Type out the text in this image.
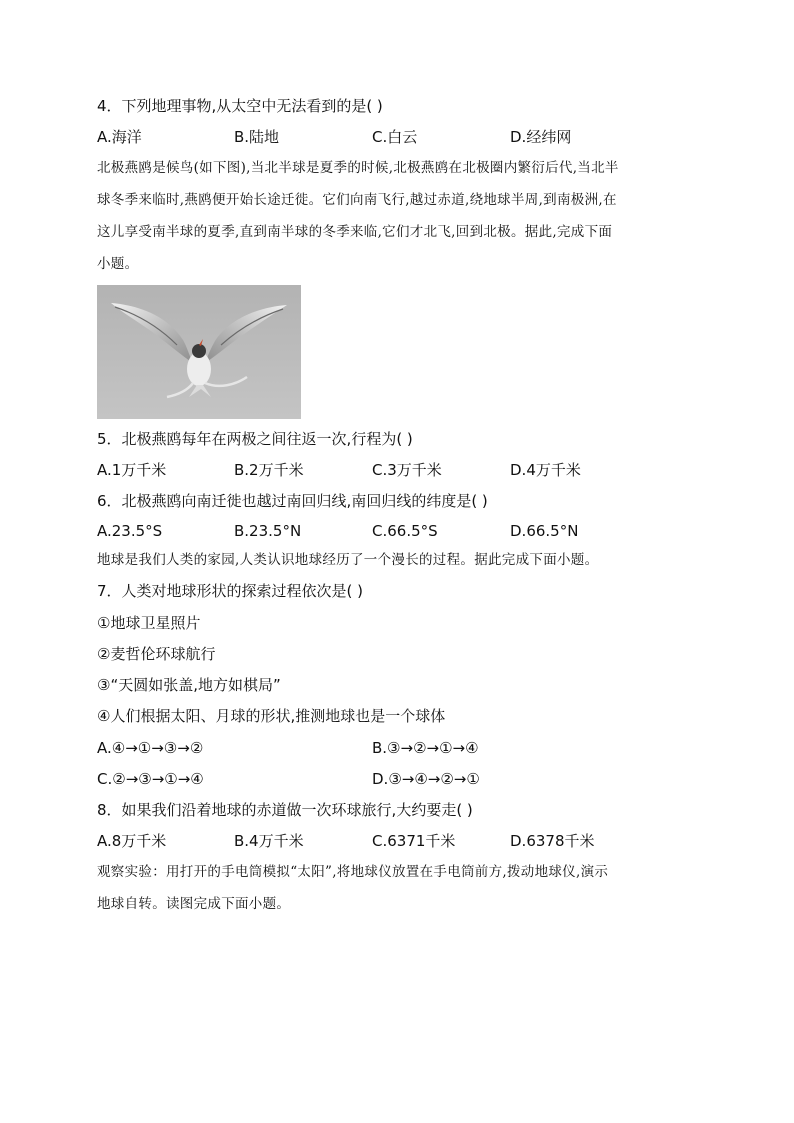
4．下列地理事物,从太空中无法看到的是( )
A.海洋	B.陆地	C.白云	D.经纬网
北极燕鸥是候鸟(如下图),当北半球是夏季的时候,北极燕鸥在北极圈内繁衍后代,当北半
球冬季来临时,燕鸥便开始长途迁徙。它们向南飞行,越过赤道,绕地球半周,到南极洲,在
这儿享受南半球的夏季,直到南半球的冬季来临,它们才北飞,回到北极。据此,完成下面
小题。
5．北极燕鸥每年在两极之间往返一次,行程为( )
A.1万千米	B.2万千米	C.3万千米	D.4万千米
6．北极燕鸥向南迁徙也越过南回归线,南回归线的纬度是( )
A.23.5°S	B.23.5°N	C.66.5°S	D.66.5°N
地球是我们人类的家园,人类认识地球经历了一个漫长的过程。据此完成下面小题。
7．人类对地球形状的探索过程依次是( )
①地球卫星照片
②麦哲伦环球航行
③“天圆如张盖,地方如棋局”
④人们根据太阳、月球的形状,推测地球也是一个球体
A.④→①→③→②	B.③→②→①→④
C.②→③→①→④	D.③→④→②→①
8．如果我们沿着地球的赤道做一次环球旅行,大约要走( )
A.8万千米	B.4万千米	C.6371千米	D.6378千米
观察实验：用打开的手电筒模拟“太阳”,将地球仪放置在手电筒前方,拨动地球仪,演示
地球自转。读图完成下面小题。
